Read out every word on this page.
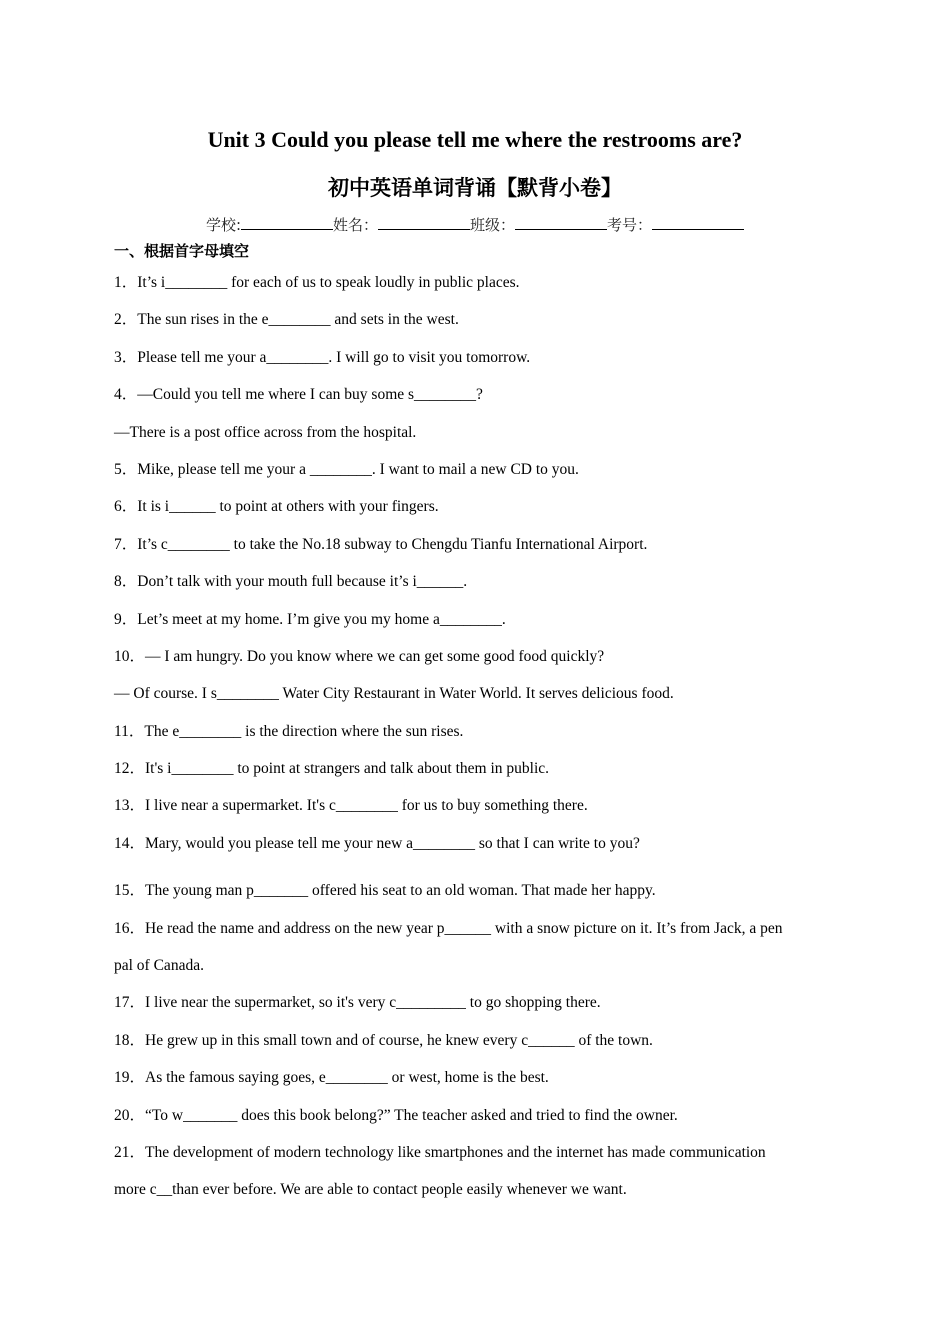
Unit 3 Could you please tell me where the restrooms are?
初中英语单词背诵【默背小卷】
学校:	姓名：	班级：	考号：
一、根据首字母填空
1．It’s i________ for each of us to speak loudly in public places.
2．The sun rises in the e________ and sets in the west.
3．Please tell me your a________. I will go to visit you tomorrow.
4．—Could you tell me where I can buy some s________?
—There is a post office across from the hospital.
5．Mike, please tell me your a ________. I want to mail a new CD to you.
6．It is i______ to point at others with your fingers.
7．It’s c________ to take the No.18 subway to Chengdu Tianfu International Airport.
8．Don’t talk with your mouth full because it’s i______.
9．Let’s meet at my home. I’m give you my home a________.
10．— I am hungry. Do you know where we can get some good food quickly?
— Of course. I s________ Water City Restaurant in Water World. It serves delicious food.
11．The e________ is the direction where the sun rises.
12．It's i________ to point at strangers and talk about them in public.
13．I live near a supermarket. It's c________ for us to buy something there.
14．Mary, would you please tell me your new a________ so that I can write to you?
15．The young man p_______ offered his seat to an old woman. That made her happy.
16．He read the name and address on the new year p______ with a snow picture on it. It’s from Jack, a pen
pal of Canada.
17．I live near the supermarket, so it's very c_________ to go shopping there.
18．He grew up in this small town and of course, he knew every c______ of the town.
19．As the famous saying goes, e________ or west, home is the best.
20．“To w_______ does this book belong?” The teacher asked and tried to find the owner.
21．The development of modern technology like smartphones and the internet has made communication
more c__than ever before. We are able to contact people easily whenever we want.
